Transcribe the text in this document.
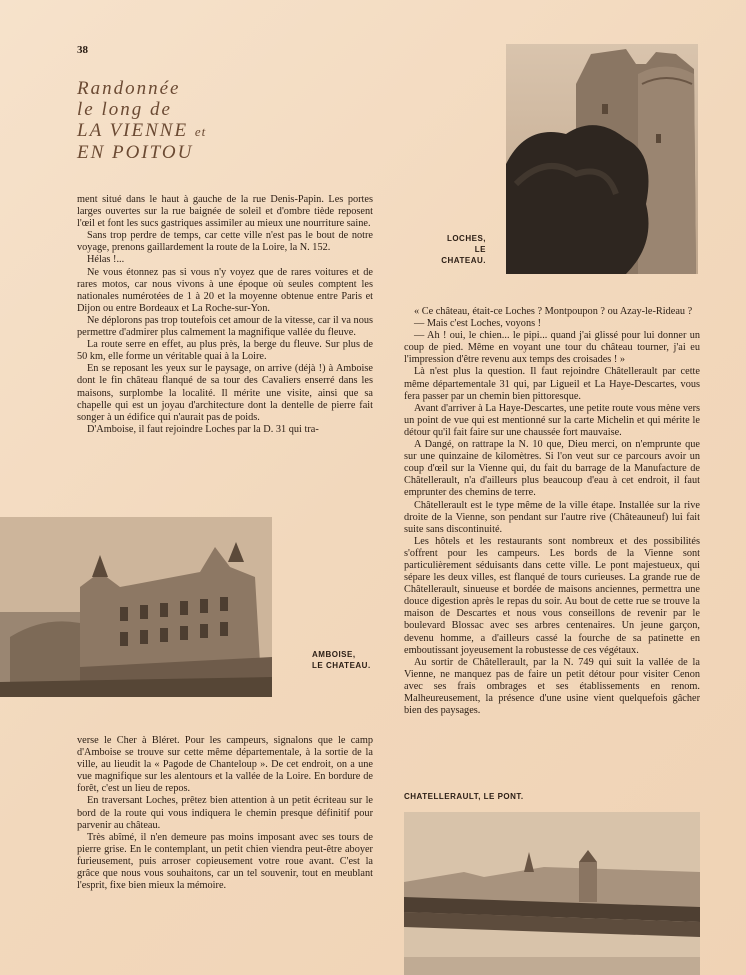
38
Randonnée
le long de
LA VIENNE et
EN POITOU
LOCHES,
LE CHATEAU.

ment situé dans le haut à gauche de la rue Denis-Papin. Les portes larges ouvertes sur la rue baignée de soleil et d'ombre tiède reposent l'œil et font les sucs gastriques assimiler au mieux une nourriture saine.

Sans trop perdre de temps, car cette ville n'est pas le bout de notre voyage, prenons gaillardement la route de la Loire, la N. 152.

Hélas !...

Ne vous étonnez pas si vous n'y voyez que de rares voitures et de rares motos, car nous vivons à une époque où seules comptent les nationales numérotées de 1 à 20 et la moyenne obtenue entre Paris et Dijon ou entre Bordeaux et La Roche-sur-Yon.

Ne déplorons pas trop toutefois cet amour de la vitesse, car il va nous permettre d'admirer plus calmement la magnifique vallée du fleuve.

La route serre en effet, au plus près, la berge du fleuve. Sur plus de 50 km, elle forme un véritable quai à la Loire.

En se reposant les yeux sur le paysage, on arrive (déjà !) à Amboise dont le fin château flanqué de sa tour des Cavaliers enserré dans les maisons, surplombe la localité. Il mérite une visite, ainsi que sa chapelle qui est un joyau d'architecture dont la dentelle de pierre fait songer à un édifice qui n'aurait pas de poids.

D'Amboise, il faut rejoindre Loches par la D. 31 qui tra-

AMBOISE,
LE CHATEAU.

verse le Cher à Bléret. Pour les campeurs, signalons que le camp d'Amboise se trouve sur cette même départementale, à la sortie de la ville, au lieudit la « Pagode de Chanteloup ». De cet endroit, on a une vue magnifique sur les alentours et la vallée de la Loire. En bordure de forêt, c'est un lieu de repos.

En traversant Loches, prêtez bien attention à un petit écriteau sur le bord de la route qui vous indiquera le chemin presque définitif pour parvenir au château.

Très abîmé, il n'en demeure pas moins imposant avec ses tours de pierre grise. En le contemplant, un petit chien viendra peut-être aboyer furieusement, puis arroser copieusement votre roue avant. C'est la grâce que nous vous souhaitons, car un tel souvenir, tout en meublant l'esprit, fixe bien mieux la mémoire.

« Ce château, était-ce Loches ? Montpoupon ? ou Azay-le-Rideau ?

— Mais c'est Loches, voyons !

— Ah ! oui, le chien... le pipi... quand j'ai glissé pour lui donner un coup de pied. Même en voyant une tour du château tourner, j'ai eu l'impression d'être revenu aux temps des croisades ! »

Là n'est plus la question. Il faut rejoindre Châtellerault par cette même départementale 31 qui, par Ligueil et La Haye-Descartes, vous fera passer par un chemin bien pittoresque.

Avant d'arriver à La Haye-Descartes, une petite route vous mène vers un point de vue qui est mentionné sur la carte Michelin et qui mérite le détour qu'il fait faire sur une chaussée fort mauvaise.

A Dangé, on rattrape la N. 10 que, Dieu merci, on n'emprunte que sur une quinzaine de kilomètres. Si l'on veut sur ce parcours avoir un coup d'œil sur la Vienne qui, du fait du barrage de la Manufacture de Châtellerault, n'a d'ailleurs plus beaucoup d'eau à cet endroit, il faut emprunter des chemins de terre.

Châtellerault est le type même de la ville étape. Installée sur la rive droite de la Vienne, son pendant sur l'autre rive (Châteauneuf) lui fait suite sans discontinuité.

Les hôtels et les restaurants sont nombreux et des possibilités s'offrent pour les campeurs. Les bords de la Vienne sont particulièrement séduisants dans cette ville. Le pont majestueux, qui sépare les deux villes, est flanqué de tours curieuses. La grande rue de Châtellerault, sinueuse et bordée de maisons anciennes, permettra une douce digestion après le repas du soir. Au bout de cette rue se trouve la maison de Descartes et nous vous conseillons de revenir par le boulevard Blossac avec ses arbres centenaires. Un jeune garçon, devenu homme, a d'ailleurs cassé la fourche de sa patinette en emboutissant joyeusement la robustesse de ces végétaux.

Au sortir de Châtellerault, par la N. 749 qui suit la vallée de la Vienne, ne manquez pas de faire un petit détour pour visiter Cenon avec ses frais ombrages et ses établissements en renom. Malheureusement, la présence d'une usine vient quelquefois gâcher bien des paysages.

CHATELLERAULT, LE PONT.
